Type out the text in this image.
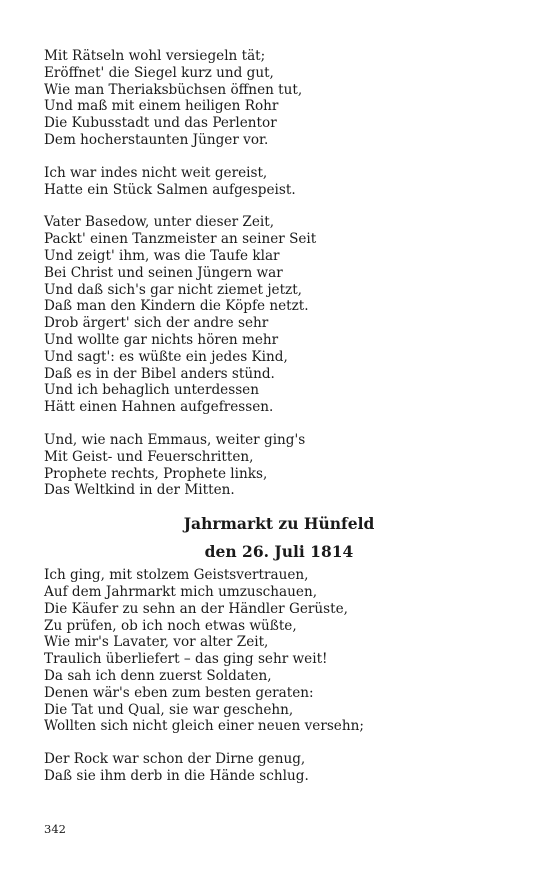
Mit Rätseln wohl versiegeln tät;
Eröffnet' die Siegel kurz und gut,
Wie man Theriaksbüchsen öffnen tut,
Und maß mit einem heiligen Rohr
Die Kubusstadt und das Perlentor
Dem hocherstaunten Jünger vor.
Ich war indes nicht weit gereist,
Hatte ein Stück Salmen aufgespeist.
Vater Basedow, unter dieser Zeit,
Packt' einen Tanzmeister an seiner Seit
Und zeigt' ihm, was die Taufe klar
Bei Christ und seinen Jüngern war
Und daß sich's gar nicht ziemet jetzt,
Daß man den Kindern die Köpfe netzt.
Drob ärgert' sich der andre sehr
Und wollte gar nichts hören mehr
Und sagt': es wüßte ein jedes Kind,
Daß es in der Bibel anders stünd.
Und ich behaglich unterdessen
Hätt einen Hahnen aufgefressen.
Und, wie nach Emmaus, weiter ging's
Mit Geist- und Feuerschritten,
Prophete rechts, Prophete links,
Das Weltkind in der Mitten.
Jahrmarkt zu Hünfeld
den 26. Juli 1814
Ich ging, mit stolzem Geistsvertrauen,
Auf dem Jahrmarkt mich umzuschauen,
Die Käufer zu sehn an der Händler Gerüste,
Zu prüfen, ob ich noch etwas wüßte,
Wie mir's Lavater, vor alter Zeit,
Traulich überliefert – das ging sehr weit!
Da sah ich denn zuerst Soldaten,
Denen wär's eben zum besten geraten:
Die Tat und Qual, sie war geschehn,
Wollten sich nicht gleich einer neuen versehn;
Der Rock war schon der Dirne genug,
Daß sie ihm derb in die Hände schlug.
342
